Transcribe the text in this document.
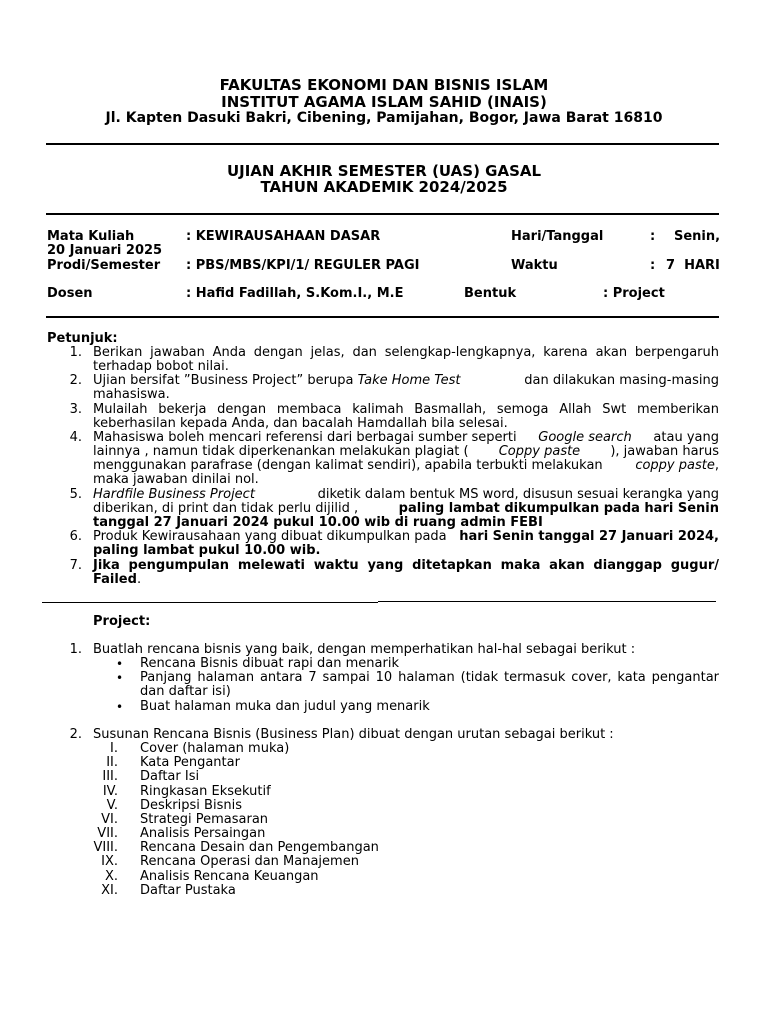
FAKULTAS EKONOMI DAN BISNIS ISLAM
INSTITUT AGAMA ISLAM SAHID (INAIS)
Jl. Kapten Dasuki Bakri, Cibening, Pamijahan, Bogor, Jawa Barat 16810
UJIAN AKHIR SEMESTER (UAS) GASAL
TAHUN AKADEMIK 2024/2025
Mata Kuliah	: KEWIRAUSAHAAN DASAR	Hari/Tanggal	: Senin,
20 Januari 2025
Prodi/Semester : PBS/MBS/KPI/1/ REGULER PAGI	Waktu	: 7  HARI
Dosen	: Hafid Fadillah, S.Kom.I., M.E	Bentuk	: Project
Petunjuk:
1. Berikan jawaban Anda dengan jelas, dan selengkap-lengkapnya, karena akan berpengaruh
terhadap bobot nilai.
2. Ujian bersifat ”Business Project” berupa Take Home Test	dan dilakukan masing-masing
mahasiswa.
3. Mulailah bekerja dengan membaca kalimah Basmallah, semoga Allah Swt memberikan
keberhasilan kepada Anda, dan bacalah Hamdallah bila selesai.
4. Mahasiswa boleh mencari referensi dari berbagai sumber seperti Google search atau yang
lainnya , namun tidak diperkenankan melakukan plagiat ( Coppy paste ), jawaban harus
menggunakan parafrase (dengan kalimat sendiri), apabila terbukti melakukan coppy paste,
maka jawaban dinilai nol.
5. Hardfile Business Project	diketik dalam bentuk MS word, disusun sesuai kerangka yang
diberikan, di print dan tidak perlu dijilid ,	paling lambat dikumpulkan pada hari Senin
tanggal 27 Januari 2024 pukul 10.00 wib di ruang admin FEBI
6. Produk Kewirausahaan yang dibuat dikumpulkan pada hari Senin tanggal 27 Januari 2024,
paling lambat pukul 10.00 wib.
7. Jika pengumpulan melewati waktu yang ditetapkan maka akan dianggap gugur/
Failed.
Project:
1. Buatlah rencana bisnis yang baik, dengan memperhatikan hal-hal sebagai berikut :
• Rencana Bisnis dibuat rapi dan menarik
• Panjang halaman antara 7 sampai 10 halaman (tidak termasuk cover, kata pengantar
dan daftar isi)
• Buat halaman muka dan judul yang menarik
2. Susunan Rencana Bisnis (Business Plan) dibuat dengan urutan sebagai berikut :
I. Cover (halaman muka)
II. Kata Pengantar
III. Daftar Isi
IV. Ringkasan Eksekutif
V. Deskripsi Bisnis
VI. Strategi Pemasaran
VII. Analisis Persaingan
VIII. Rencana Desain dan Pengembangan
IX. Rencana Operasi dan Manajemen
X. Analisis Rencana Keuangan
XI. Daftar Pustaka
